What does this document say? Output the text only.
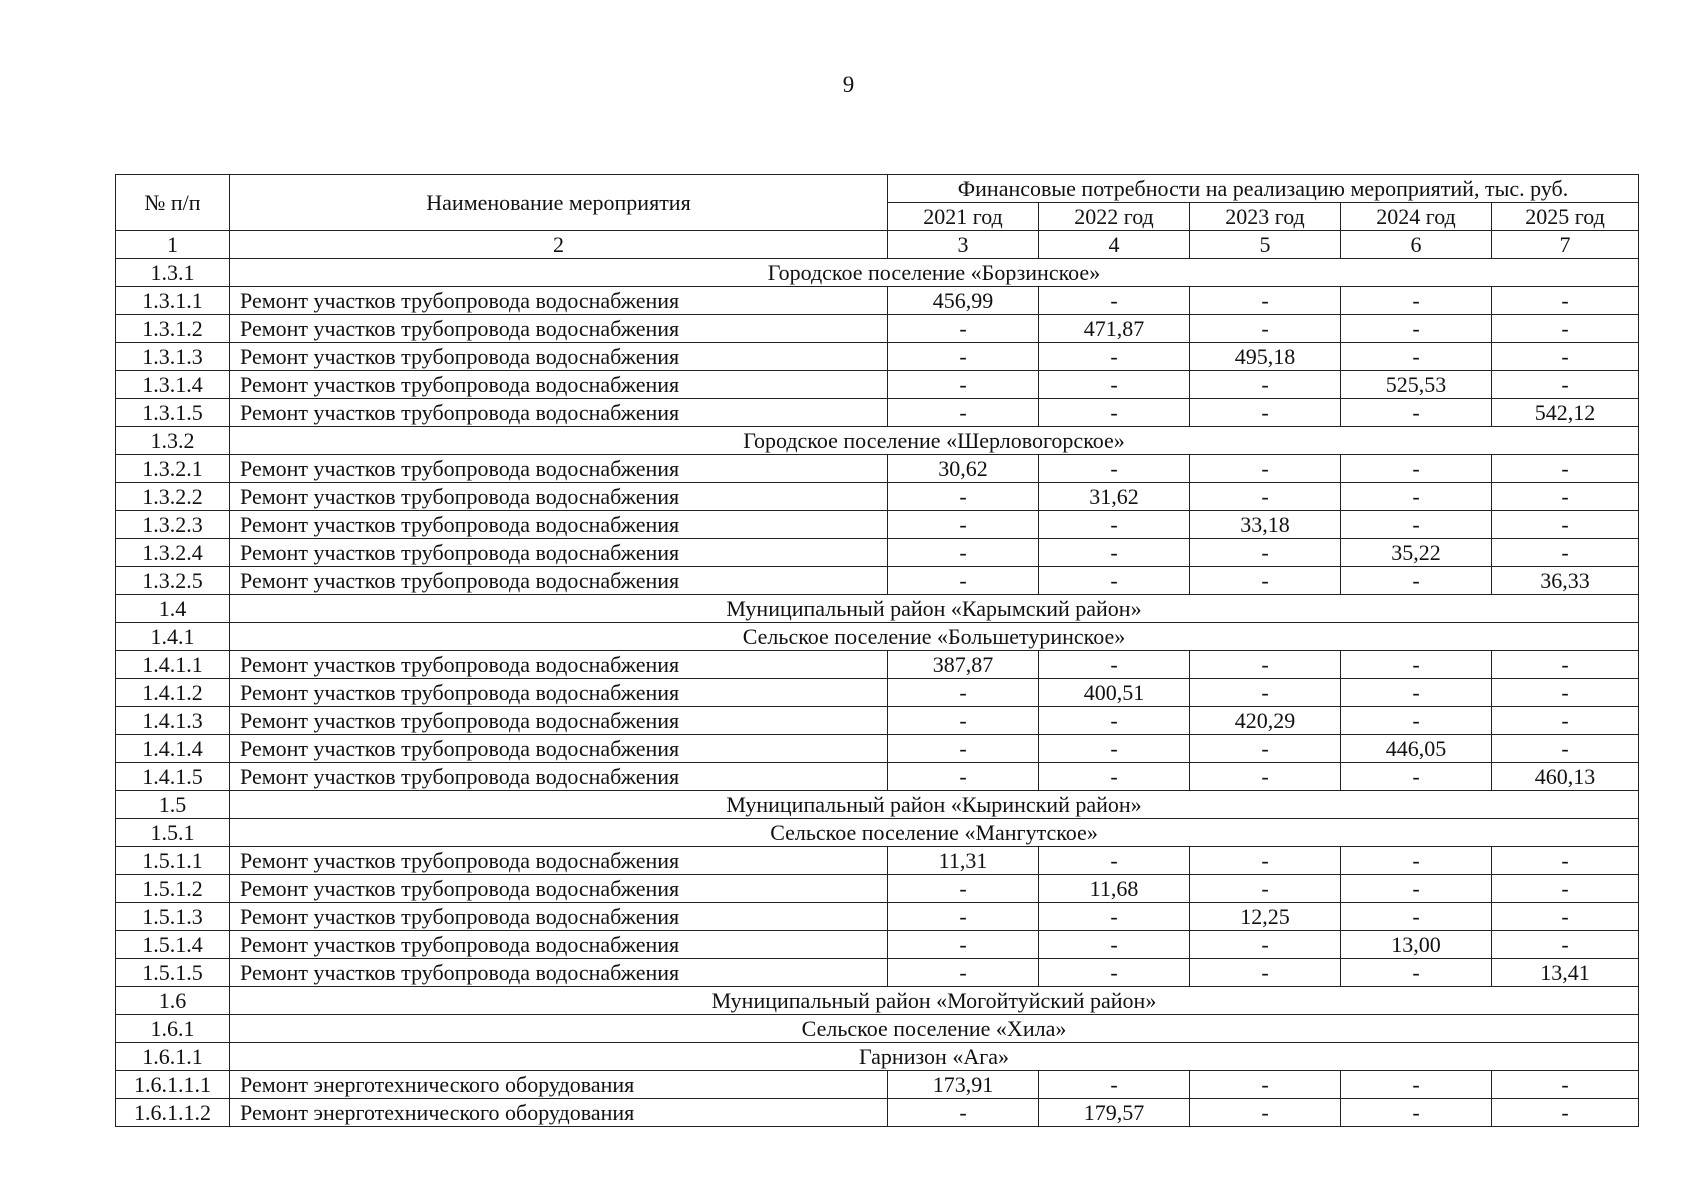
9
№ п/п	Наименование мероприятия	Финансовые потребности на реализацию мероприятий, тыс. руб.				
		2021 год	2022 год	2023 год	2024 год	2025 год
1	2	3	4	5	6	7
1.3.1	Городское поселение «Борзинское»					
1.3.1.1	Ремонт участков трубопровода водоснабжения	456,99	-	-	-	-
1.3.1.2	Ремонт участков трубопровода водоснабжения	-	471,87	-	-	-
1.3.1.3	Ремонт участков трубопровода водоснабжения	-	-	495,18	-	-
1.3.1.4	Ремонт участков трубопровода водоснабжения	-	-	-	525,53	-
1.3.1.5	Ремонт участков трубопровода водоснабжения	-	-	-	-	542,12
1.3.2	Городское поселение «Шерловогорское»					
1.3.2.1	Ремонт участков трубопровода водоснабжения	30,62	-	-	-	-
1.3.2.2	Ремонт участков трубопровода водоснабжения	-	31,62	-	-	-
1.3.2.3	Ремонт участков трубопровода водоснабжения	-	-	33,18	-	-
1.3.2.4	Ремонт участков трубопровода водоснабжения	-	-	-	35,22	-
1.3.2.5	Ремонт участков трубопровода водоснабжения	-	-	-	-	36,33
1.4	Муниципальный район «Карымский район»					
1.4.1	Сельское поселение «Большетуринское»					
1.4.1.1	Ремонт участков трубопровода водоснабжения	387,87	-	-	-	-
1.4.1.2	Ремонт участков трубопровода водоснабжения	-	400,51	-	-	-
1.4.1.3	Ремонт участков трубопровода водоснабжения	-	-	420,29	-	-
1.4.1.4	Ремонт участков трубопровода водоснабжения	-	-	-	446,05	-
1.4.1.5	Ремонт участков трубопровода водоснабжения	-	-	-	-	460,13
1.5	Муниципальный район «Кыринский район»					
1.5.1	Сельское поселение «Мангутское»					
1.5.1.1	Ремонт участков трубопровода водоснабжения	11,31	-	-	-	-
1.5.1.2	Ремонт участков трубопровода водоснабжения	-	11,68	-	-	-
1.5.1.3	Ремонт участков трубопровода водоснабжения	-	-	12,25	-	-
1.5.1.4	Ремонт участков трубопровода водоснабжения	-	-	-	13,00	-
1.5.1.5	Ремонт участков трубопровода водоснабжения	-	-	-	-	13,41
1.6	Муниципальный район «Могойтуйский район»					
1.6.1	Сельское поселение «Хила»					
1.6.1.1	Гарнизон «Ага»					
1.6.1.1.1	Ремонт энерготехнического оборудования	173,91	-	-	-	-
1.6.1.1.2	Ремонт энерготехнического оборудования	-	179,57	-	-	-
